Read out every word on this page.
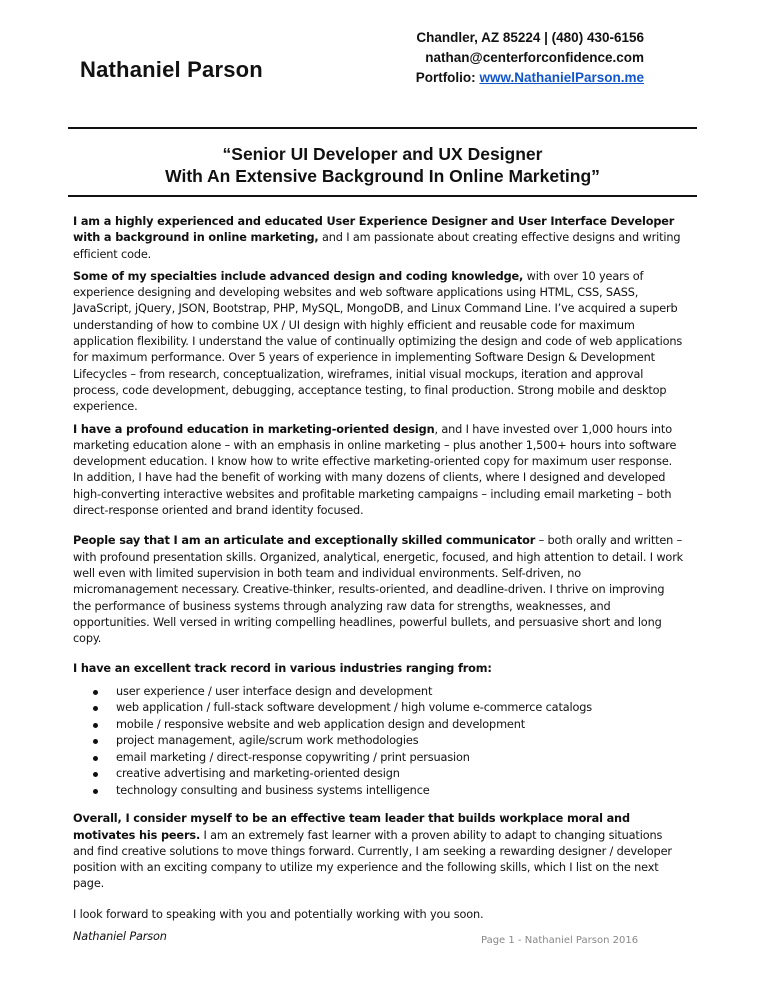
Nathaniel Parson
Chandler, AZ 85224 | (480) 430-6156
nathan@centerforconfidence.com
Portfolio: www.NathanielParson.me
“Senior UI Developer and UX Designer
With An Extensive Background In Online Marketing”

I am a highly experienced and educated User Experience Designer and User Interface Developer with a background in online marketing, and I am passionate about creating effective designs and writing efficient code.

Some of my specialties include advanced design and coding knowledge, with over 10 years of experience designing and developing websites and web software applications using HTML, CSS, SASS, JavaScript, jQuery, JSON, Bootstrap, PHP, MySQL, MongoDB, and Linux Command Line. I’ve acquired a superb understanding of how to combine UX / UI design with highly efficient and reusable code for maximum application flexibility. I understand the value of continually optimizing the design and code of web applications for maximum performance. Over 5 years of experience in implementing Software Design & Development Lifecycles – from research, conceptualization, wireframes, initial visual mockups, iteration and approval process, code development, debugging, acceptance testing, to final production. Strong mobile and desktop experience.

I have a profound education in marketing-oriented design, and I have invested over 1,000 hours into marketing education alone – with an emphasis in online marketing – plus another 1,500+ hours into software development education. I know how to write effective marketing-oriented copy for maximum user response. In addition, I have had the benefit of working with many dozens of clients, where I designed and developed high-converting interactive websites and profitable marketing campaigns – including email marketing – both direct-response oriented and brand identity focused.

People say that I am an articulate and exceptionally skilled communicator – both orally and written – with profound presentation skills. Organized, analytical, energetic, focused, and high attention to detail. I work well even with limited supervision in both team and individual environments. Self-driven, no micromanagement necessary. Creative-thinker, results-oriented, and deadline-driven. I thrive on improving the performance of business systems through analyzing raw data for strengths, weaknesses, and opportunities. Well versed in writing compelling headlines, powerful bullets, and persuasive short and long copy.

I have an excellent track record in various industries ranging from:

user experience / user interface design and development
web application / full-stack software development / high volume e-commerce catalogs
mobile / responsive website and web application design and development
project management, agile/scrum work methodologies
email marketing / direct-response copywriting / print persuasion
creative advertising and marketing-oriented design
technology consulting and business systems intelligence

Overall, I consider myself to be an effective team leader that builds workplace moral and motivates his peers. I am an extremely fast learner with a proven ability to adapt to changing situations and find creative solutions to move things forward. Currently, I am seeking a rewarding designer / developer position with an exciting company to utilize my experience and the following skills, which I list on the next page.

I look forward to speaking with you and potentially working with you soon.

Nathaniel Parson	Page 1 - Nathaniel Parson 2016
